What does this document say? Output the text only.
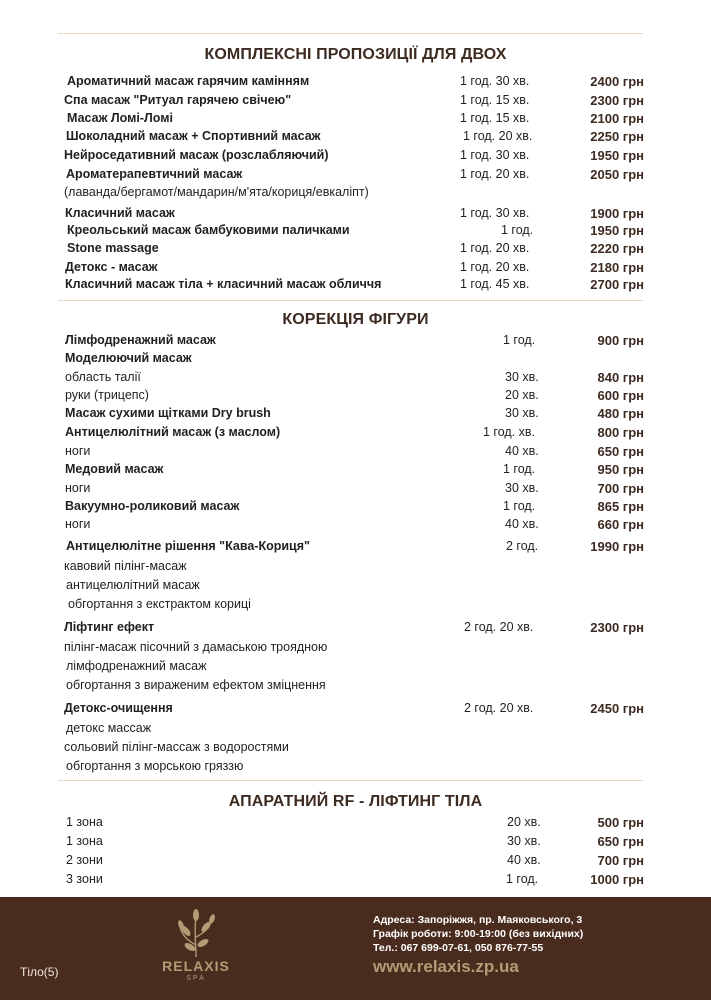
КОМПЛЕКСНІ ПРОПОЗИЦІЇ ДЛЯ ДВОХ
Ароматичний масаж гарячим камінням	1 год. 30 хв.	2400 грн
Спа масаж "Ритуал гарячею свічею"	1 год. 15 хв.	2300 грн
Масаж Ломі-Ломі	1 год. 15 хв.	2100 грн
Шоколадний масаж + Спортивний масаж	1 год. 20 хв.	2250 грн
Нейроседативний масаж (розслабляючий)	1 год. 30 хв.	1950 грн
Ароматерапевтичний масаж	1 год. 20 хв.	2050 грн
(лаванда/бергамот/мандарин/м'ята/кориця/евкаліпт)
Класичний масаж	1 год. 30 хв.	1900 грн
Креольський масаж бамбуковими паличками	1 год.	1950 грн
Stone massage	1 год. 20 хв.	2220 грн
Детокс - масаж	1 год. 20 хв.	2180 грн
Класичний масаж тіла + класичний масаж обличчя	1 год. 45 хв.	2700 грн
КОРЕКЦІЯ ФІГУРИ
Лімфодренажний масаж	1 год.	900 грн
Моделюючий масаж
область талії	30 хв.	840 грн
руки (трицепс)	20 хв.	600 грн
Масаж сухими щітками Dry brush	30 хв.	480 грн
Антицелюлітний масаж (з маслом)	1 год. хв.	800 грн
ноги	40 хв.	650 грн
Медовий масаж	1 год.	950 грн
ноги	30 хв.	700 грн
Вакуумно-роликовий масаж	1 год.	865 грн
ноги	40 хв.	660 грн
Антицелюлітне рішення "Кава-Кориця"	2 год.	1990 грн
кавовий пілінг-масаж
антицелюлітний масаж
обгортання з екстрактом кориці
Ліфтинг ефект	2 год. 20 хв.	2300 грн
пілінг-масаж пісочний з дамаською троядною
лімфодренажний масаж
обгортання з вираженим ефектом зміцнення
Детокс-очищення	2 год. 20 хв.	2450 грн
детокс массаж
сольовий пілінг-массаж з водоростями
обгортання з морською гряззю
АПАРАТНИЙ RF - ЛІФТИНГ ТІЛА
1 зона	20 хв.	500 грн
1 зона	30 хв.	650 грн
2 зони	40 хв.	700 грн
3 зони	1 год.	1000 грн
RELAXIS
SPA
Адреса: Запоріжжя, пр. Маяковського, 3
Графік роботи: 9:00-19:00 (без вихідних)
Тел.: 067 699-07-61, 050 876-77-55
www.relaxis.zp.ua
Тіло(5)
